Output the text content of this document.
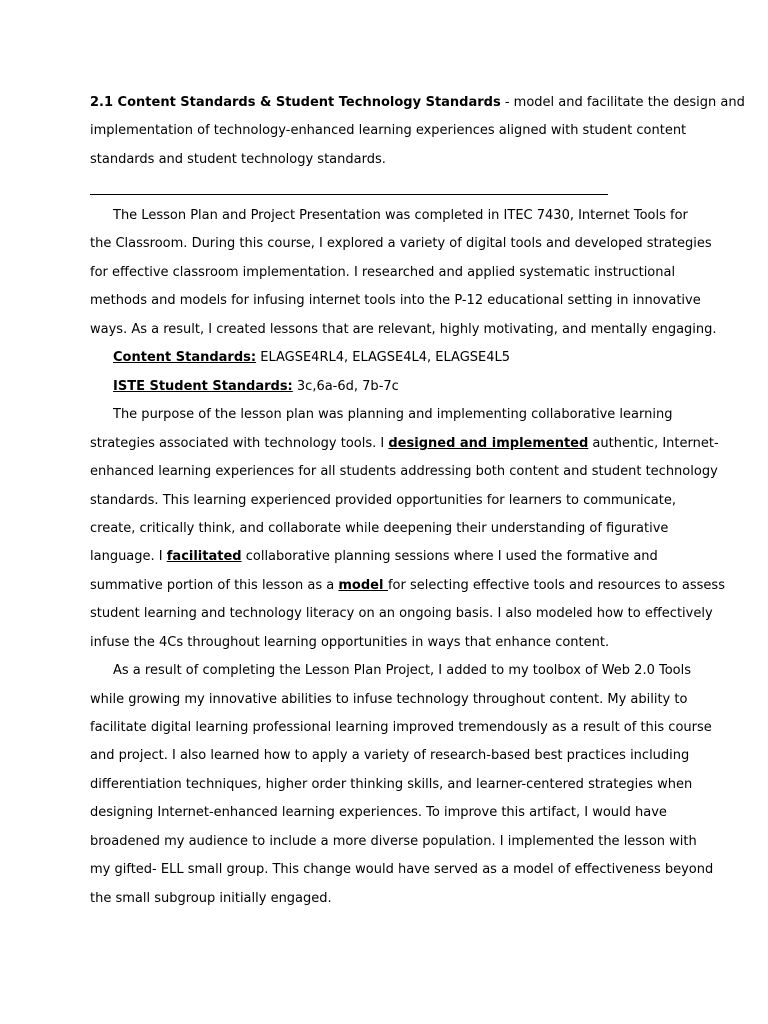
2.1 Content Standards & Student Technology Standards - model and facilitate the design and
implementation of technology-enhanced learning experiences aligned with student content
standards and student technology standards.
The Lesson Plan and Project Presentation was completed in ITEC 7430, Internet Tools for
the Classroom. During this course, I explored a variety of digital tools and developed strategies
for effective classroom implementation. I researched and applied systematic instructional
methods and models for infusing internet tools into the P-12 educational setting in innovative
ways. As a result, I created lessons that are relevant, highly motivating, and mentally engaging.
Content Standards: ELAGSE4RL4, ELAGSE4L4, ELAGSE4L5
ISTE Student Standards: 3c,6a-6d, 7b-7c
The purpose of the lesson plan was planning and implementing collaborative learning
strategies associated with technology tools. I designed and implemented authentic, Internet-
enhanced learning experiences for all students addressing both content and student technology
standards. This learning experienced provided opportunities for learners to communicate,
create, critically think, and collaborate while deepening their understanding of figurative
language. I facilitated collaborative planning sessions where I used the formative and
summative portion of this lesson as a model for selecting effective tools and resources to assess
student learning and technology literacy on an ongoing basis. I also modeled how to effectively
infuse the 4Cs throughout learning opportunities in ways that enhance content.
As a result of completing the Lesson Plan Project, I added to my toolbox of Web 2.0 Tools
while growing my innovative abilities to infuse technology throughout content. My ability to
facilitate digital learning professional learning improved tremendously as a result of this course
and project. I also learned how to apply a variety of research-based best practices including
differentiation techniques, higher order thinking skills, and learner-centered strategies when
designing Internet-enhanced learning experiences. To improve this artifact, I would have
broadened my audience to include a more diverse population. I implemented the lesson with
my gifted- ELL small group. This change would have served as a model of effectiveness beyond
the small subgroup initially engaged.
